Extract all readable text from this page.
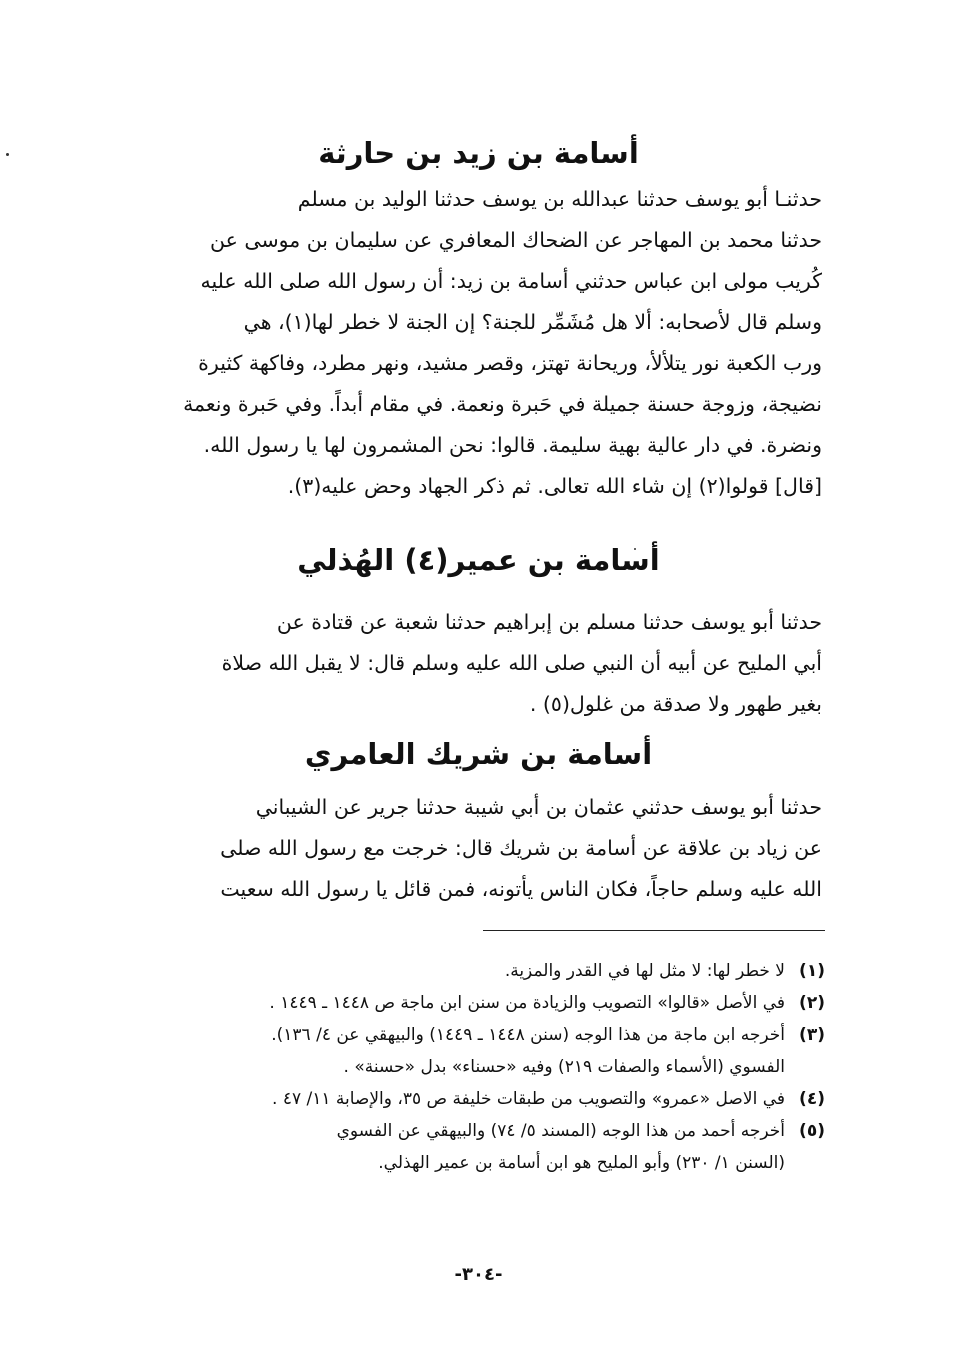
أسامة بن زيد بن حارثة

حدثنـا أبو يوسف حدثنا عبدالله بن يوسف حدثنا الوليد بن مسلم

حدثنا محمد بن المهاجر عن الضحاك المعافري عن سليمان بن موسى عن

كُريب مولى ابن عباس حدثني أسامة بن زيد: أن رسول الله صلى الله عليه

وسلم قال لأصحابه: ألا هل مُشَمِّر للجنة؟ إن الجنة لا خطر لها(١)، هي

ورب الكعبة نور يتلألأ، وريحانة تهتز، وقصر مشيد، ونهر مطرد، وفاكهة كثيرة

نضيجة، وزوجة حسنة جميلة في حَبرة ونعمة. في مقام أبداً. وفي حَبرة ونعمة

ونضرة. في دار عالية بهية سليمة. قالوا: نحن المشمرون لها يا رسول الله.

[قال] قولوا(٢) إن شاء الله تعالى. ثم ذكر الجهاد وحض عليه(٣).

أسامة بن عمير(٤) الهُذلي

حدثنا أبو يوسف حدثنا مسلم بن إبراهيم حدثنا شعبة عن قتادة عن

أبي المليح عن أبيه أن النبي صلى الله عليه وسلم قال: لا يقبل الله صلاة

بغير طهور ولا صدقة من غلول(٥) .

أسامة بن شريك العامري

حدثنا أبو يوسف حدثني عثمان بن أبي شيبة حدثنا جرير عن الشيباني

عن زياد بن علاقة عن أسامة بن شريك قال: خرجت مع رسول الله صلى

الله عليه وسلم حاجاً، فكان الناس يأتونه، فمن قائل يا رسول الله سعيت

(١)
لا خطر لها: لا مثل لها في القدر والمزية.
(٢)
في الأصل «قالوا» التصويب والزيادة من سنن ابن ماجة ص ١٤٤٨ ـ ١٤٤٩ .
(٣)
أخرجه ابن ماجة من هذا الوجه (سنن ١٤٤٨ ـ ١٤٤٩) والبيهقي عن ٤/ ١٣٦).
الفسوي (الأسماء والصفات ٢١٩) وفيه «حسناء» بدل «حسنة» .
(٤)
في الاصل «عمرو» والتصويب من طبقات خليفة ص ٣٥، والإصابة ١١/ ٤٧ .
(٥)
أخرجه أحمد من هذا الوجه (المسند ٥/ ٧٤) والبيهقي عن الفسوي
(السنن ١/ ٢٣٠) وأبو المليح هو ابن أسامة بن عمير الهذلي.
-٣٠٤-
